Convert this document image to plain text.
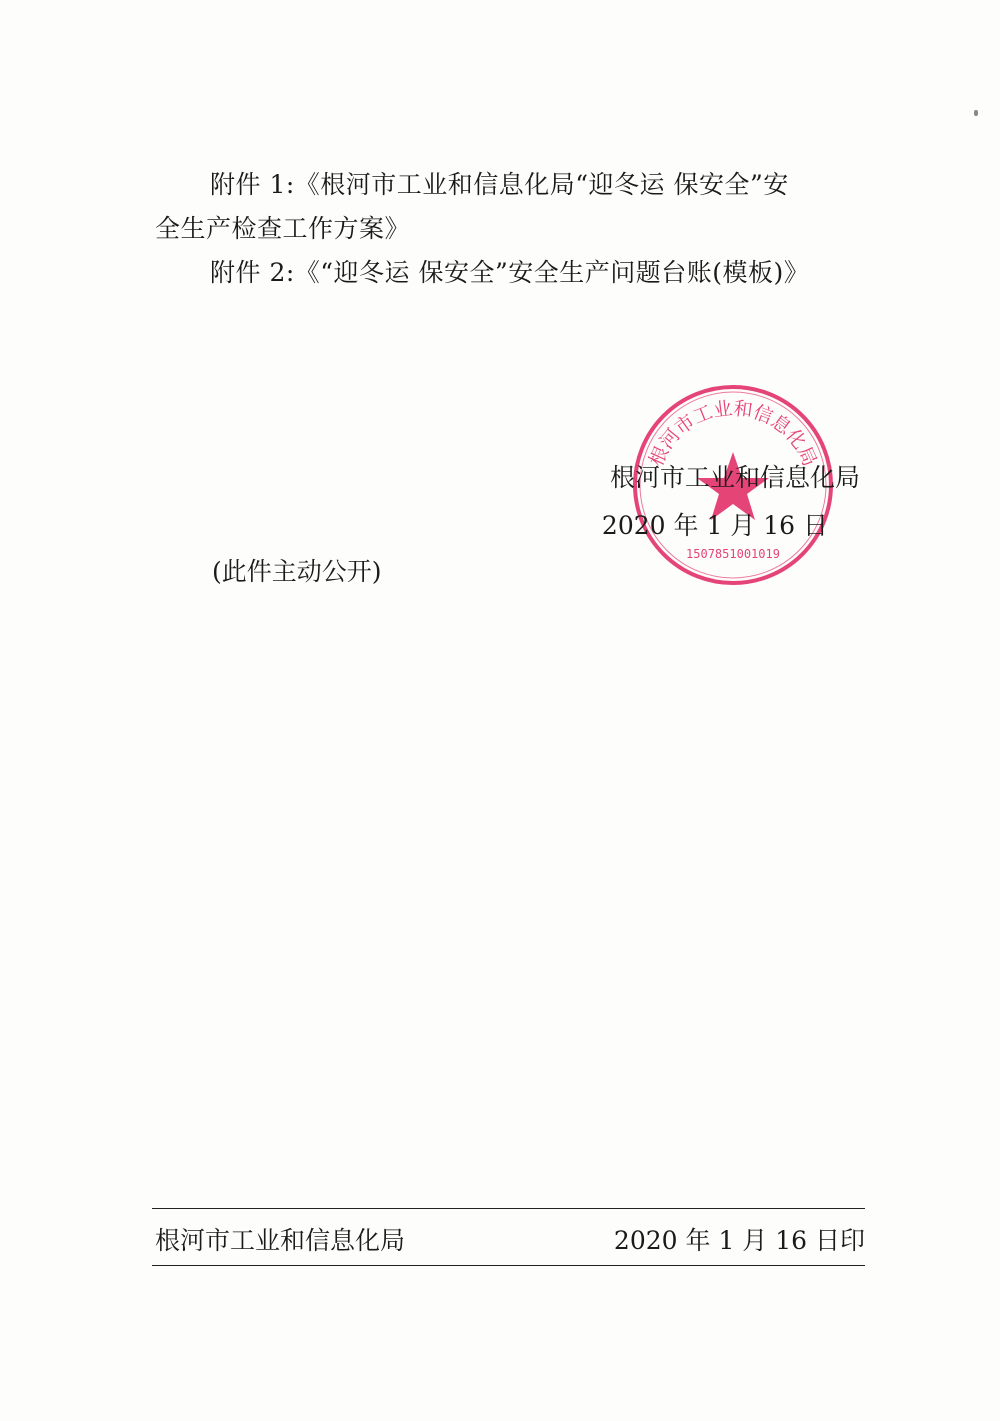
附件 1:《根河市工业和信息化局“迎冬运 保安全”安
全生产检查工作方案》
附件 2:《“迎冬运 保安全”安全生产问题台账(模板)》
根河市工业和信息化局
1507851001019
根河市工业和信息化局
2020 年 1 月 16 日
(此件主动公开)
根河市工业和信息化局	2020 年 1 月 16 日印
